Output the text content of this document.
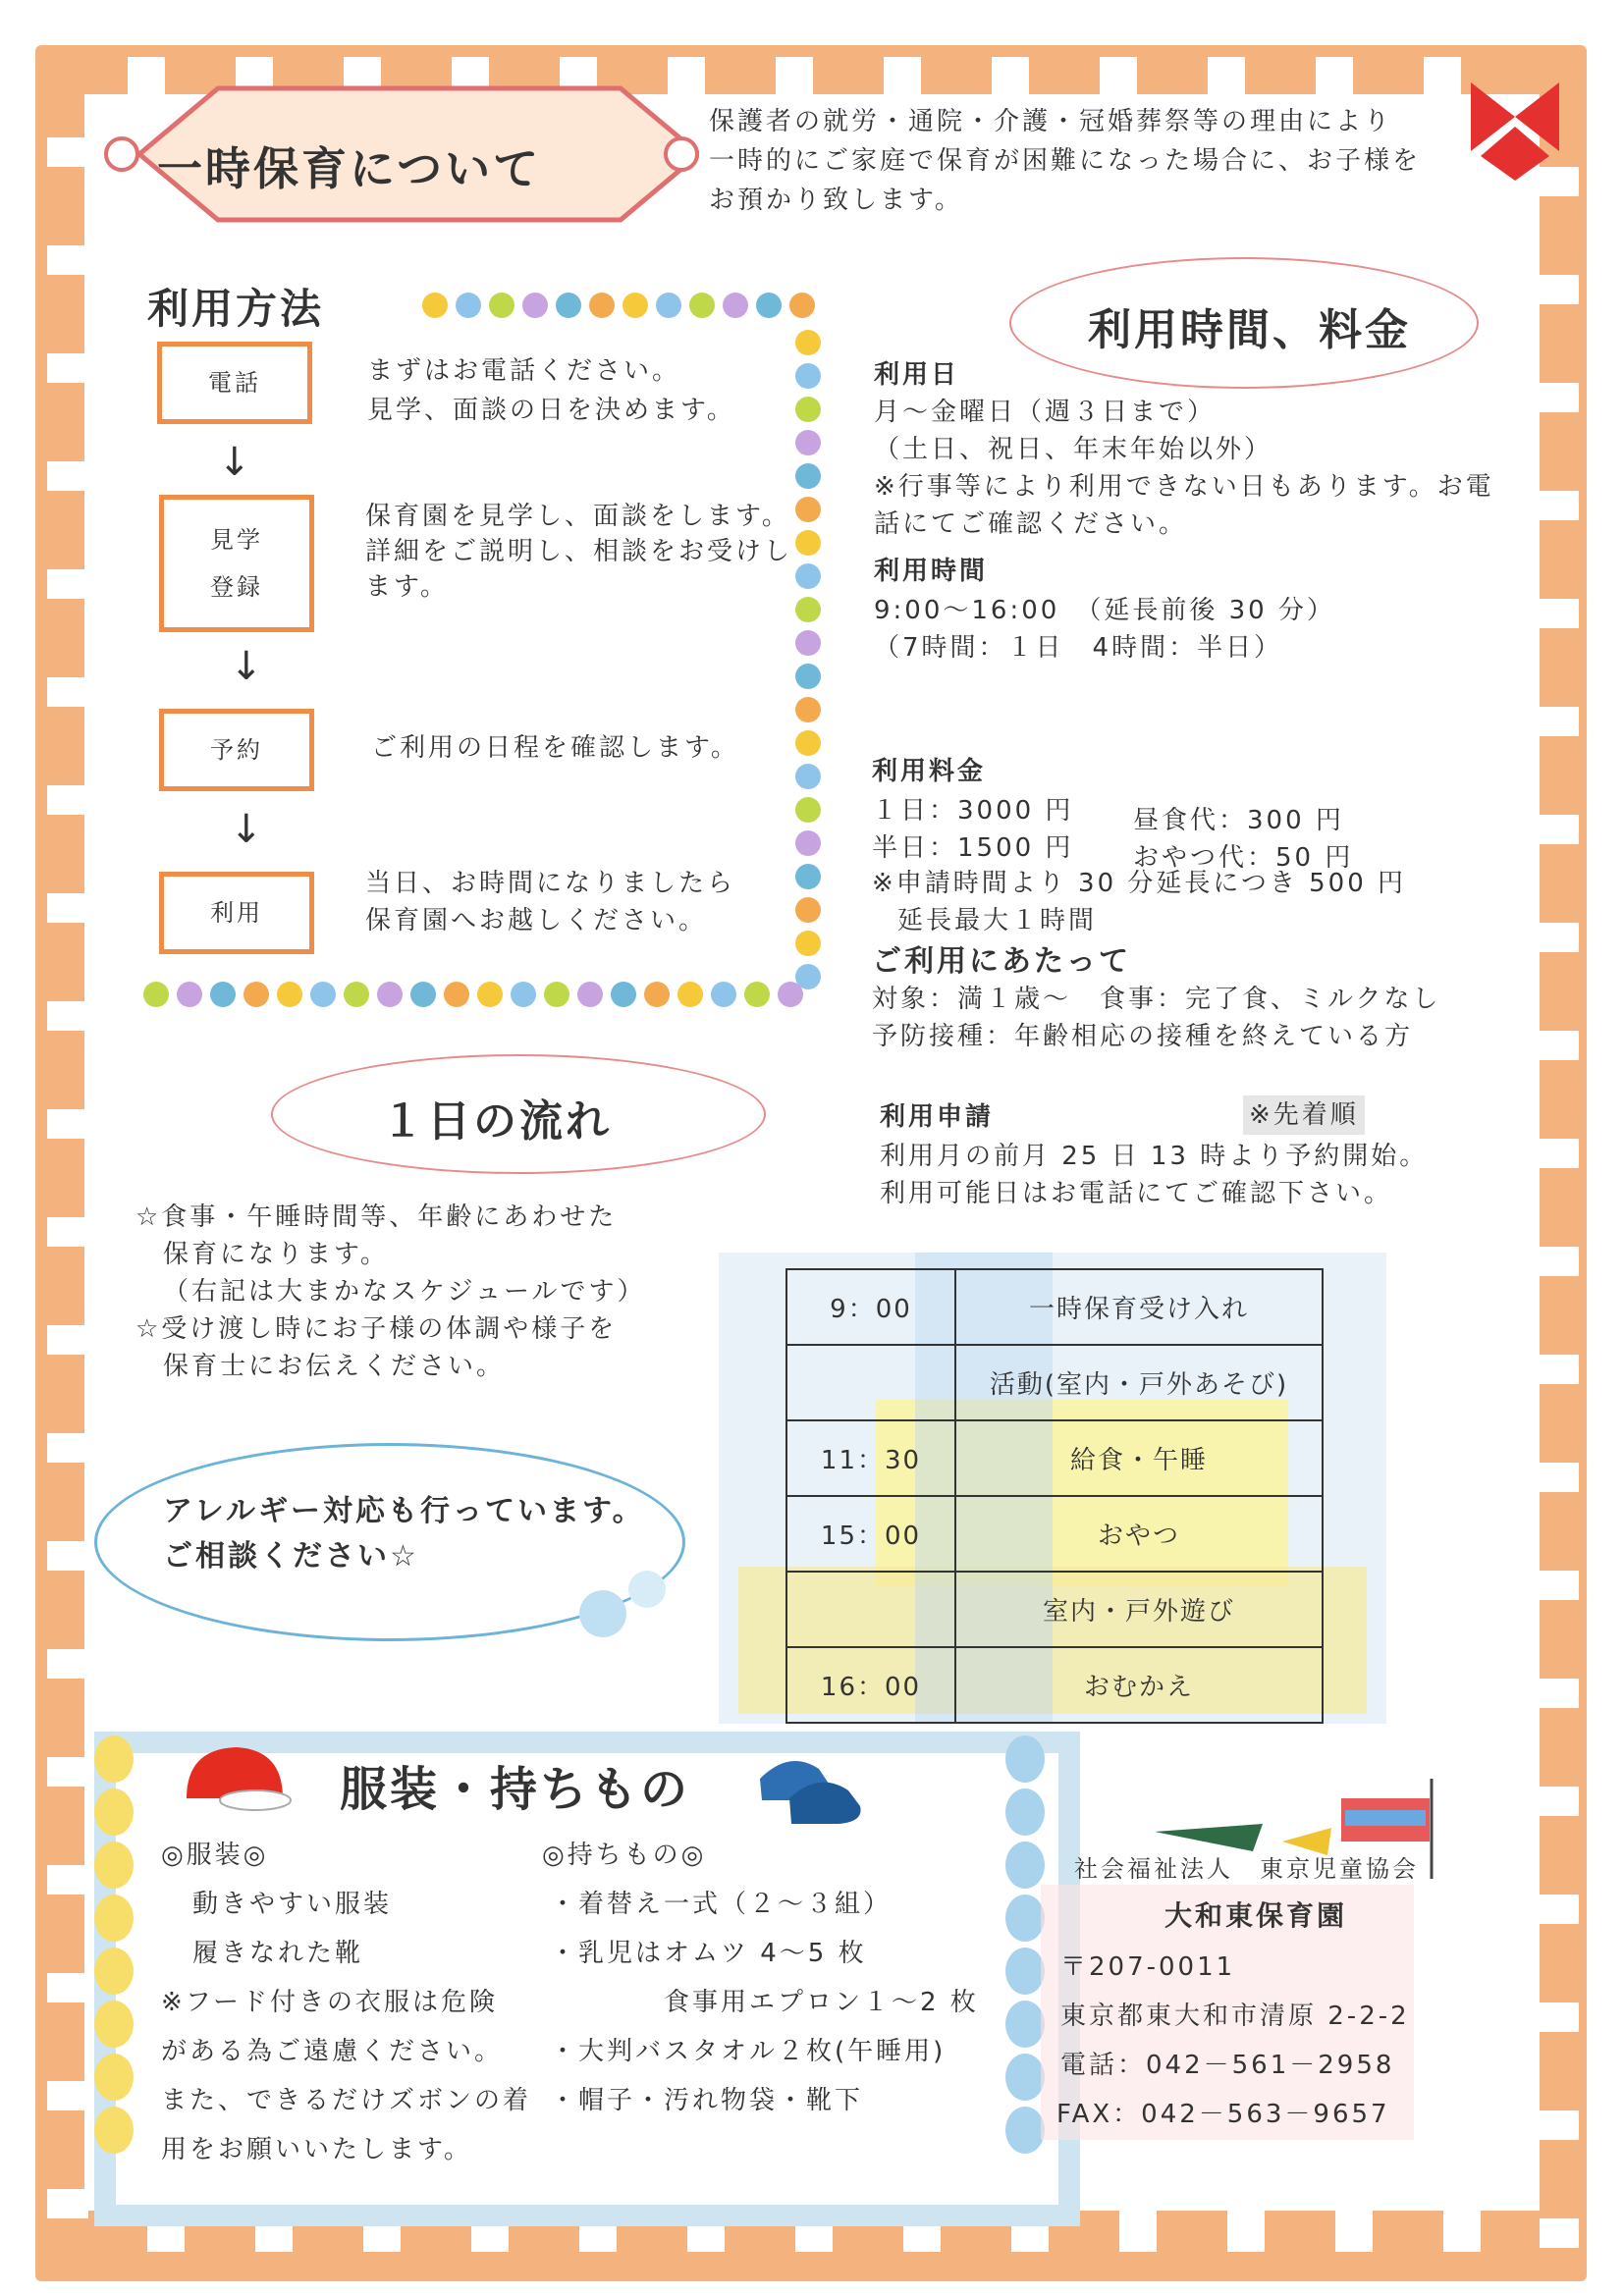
一時保育について
保護者の就労・通院・介護・冠婚葬祭等の理由により
一時的にご家庭で保育が困難になった場合に、お子様を
お預かり致します。
利用方法
電話
↓
見学
登録
↓
予約
↓
利用
まずはお電話ください。
見学、面談の日を決めます。
保育園を見学し、面談をします。
詳細をご説明し、相談をお受けし
ます。
ご利用の日程を確認します。
当日、お時間になりましたら
保育園へお越しください。
利用時間、料金
利用日
月～金曜日（週３日まで）
（土日、祝日、年末年始以外）
※行事等により利用できない日もあります。お電
話にてご確認ください。
利用時間
9:00～16:00　（延長前後 30 分）
（7時間：１日　4時間：半日）
利用料金
１日：3000 円
半日：1500 円
昼食代：300 円
おやつ代：50 円
※申請時間より 30 分延長につき 500 円
延長最大１時間
ご利用にあたって
対象：満１歳～　食事：完了食、ミルクなし
予防接種：年齢相応の接種を終えている方
利用申請	※先着順
利用月の前月 25 日 13 時より予約開始。
利用可能日はお電話にてご確認下さい。
１日の流れ
☆食事・午睡時間等、年齢にあわせた
保育になります。
（右記は大まかなスケジュールです）
☆受け渡し時にお子様の体調や様子を
保育士にお伝えください。
アレルギー対応も行っています。
ご相談ください☆
9：00	一時保育受け入れ
	活動(室内・戸外あそび)
11：30	給食・午睡
15：00	おやつ
	室内・戸外遊び
16：00	おむかえ
服装・持ちもの
◎服装◎
動きやすい服装
履きなれた靴
※フード付きの衣服は危険
がある為ご遠慮ください。
また、できるだけズボンの着
用をお願いいたします。
◎持ちもの◎
・着替え一式（２～３組）
・乳児はオムツ 4～5 枚
食事用エプロン１～2 枚
・大判バスタオル２枚(午睡用)
・帽子・汚れ物袋・靴下
社会福祉法人　東京児童協会
大和東保育園
〒207-0011
東京都東大和市清原 2-2-2
電話：042－561－2958
FAX：042－563－9657
